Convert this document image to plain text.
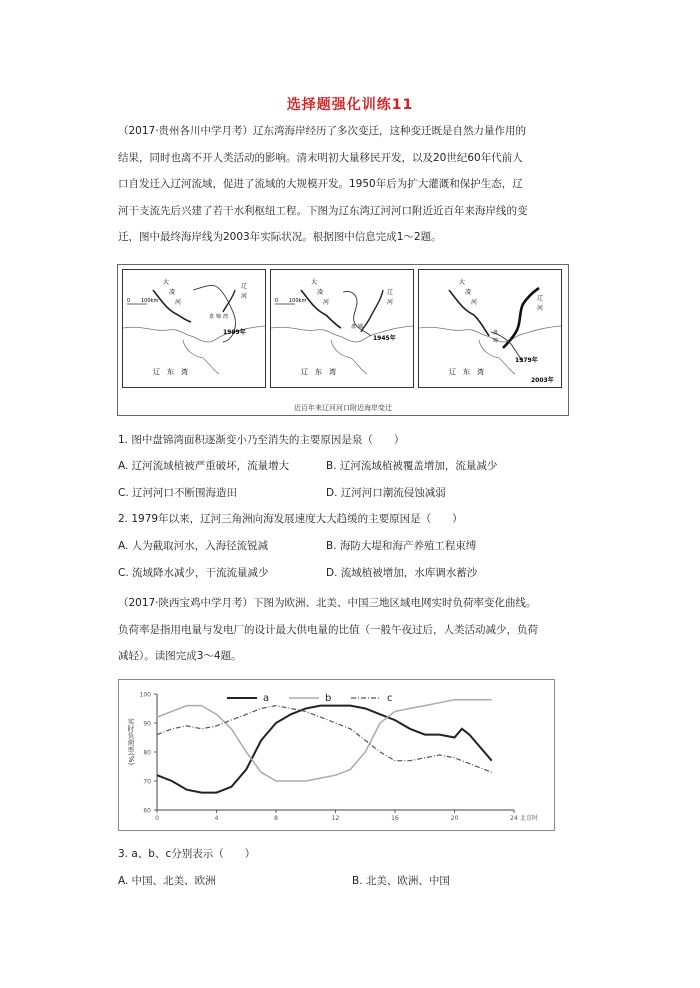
选择题强化训练11
（2017·贵州各川中学月考）辽东湾海岸经历了多次变迁，这种变迁既是自然力量作用的
结果，同时也离不开人类活动的影响。清末明初大量移民开发，以及20世纪60年代前人
口自发迁入辽河流域，促进了流域的大规模开发。1950年后为扩大灌溉和保护生态，辽
河干支流先后兴建了若干水利枢纽工程。下图为辽东湾辽河河口附近近百年来海岸线的变
迁，图中最终海岸线为2003年实际状况。根据图中信息完成1～2题。
0 100km
大
凌
河
辽
河
盘 锦 湾
1909年
辽　东　湾
0 100km
大
凌
河
辽
河
盘 锦
1945年
辽　东　湾
大
凌
河
辽
河
盘
锦
1979年
2003年
辽　东　湾
近百年来辽河河口附近海岸变迁
1. 图中盘锦湾面积逐渐变小乃至消失的主要原因是泉（　　）
A. 辽河流域植被严重破坏，流量增大	B. 辽河流域植被覆盖增加，流量减少
C. 辽河河口不断围海造田	D. 辽河河口潮流侵蚀减弱
2. 1979年以来，辽河三角洲向海发展速度大大趋缓的主要原因是（　　）
A. 人为截取河水，入海径流锐减	B. 海防大堤和海产养殖工程束缚
C. 流域降水减少，干流流量减少	D. 流域植被增加，水库调水蓄沙
（2017·陕西宝鸡中学月考）下图为欧洲、北美、中国三地区域电网实时负荷率变化曲线。
负荷率是指用电量与发电厂的设计最大供电量的比值（一般午夜过后，人类活动减少，负荷
减轻）。读图完成3～4题。
100
90
80
70
60
0	4	8	12	16	20	24 北京时
实时负荷率(%)
a	b	c
3. a、b、c分别表示（　　）
A. 中国、北美、欧洲	B. 北美、欧洲、中国
